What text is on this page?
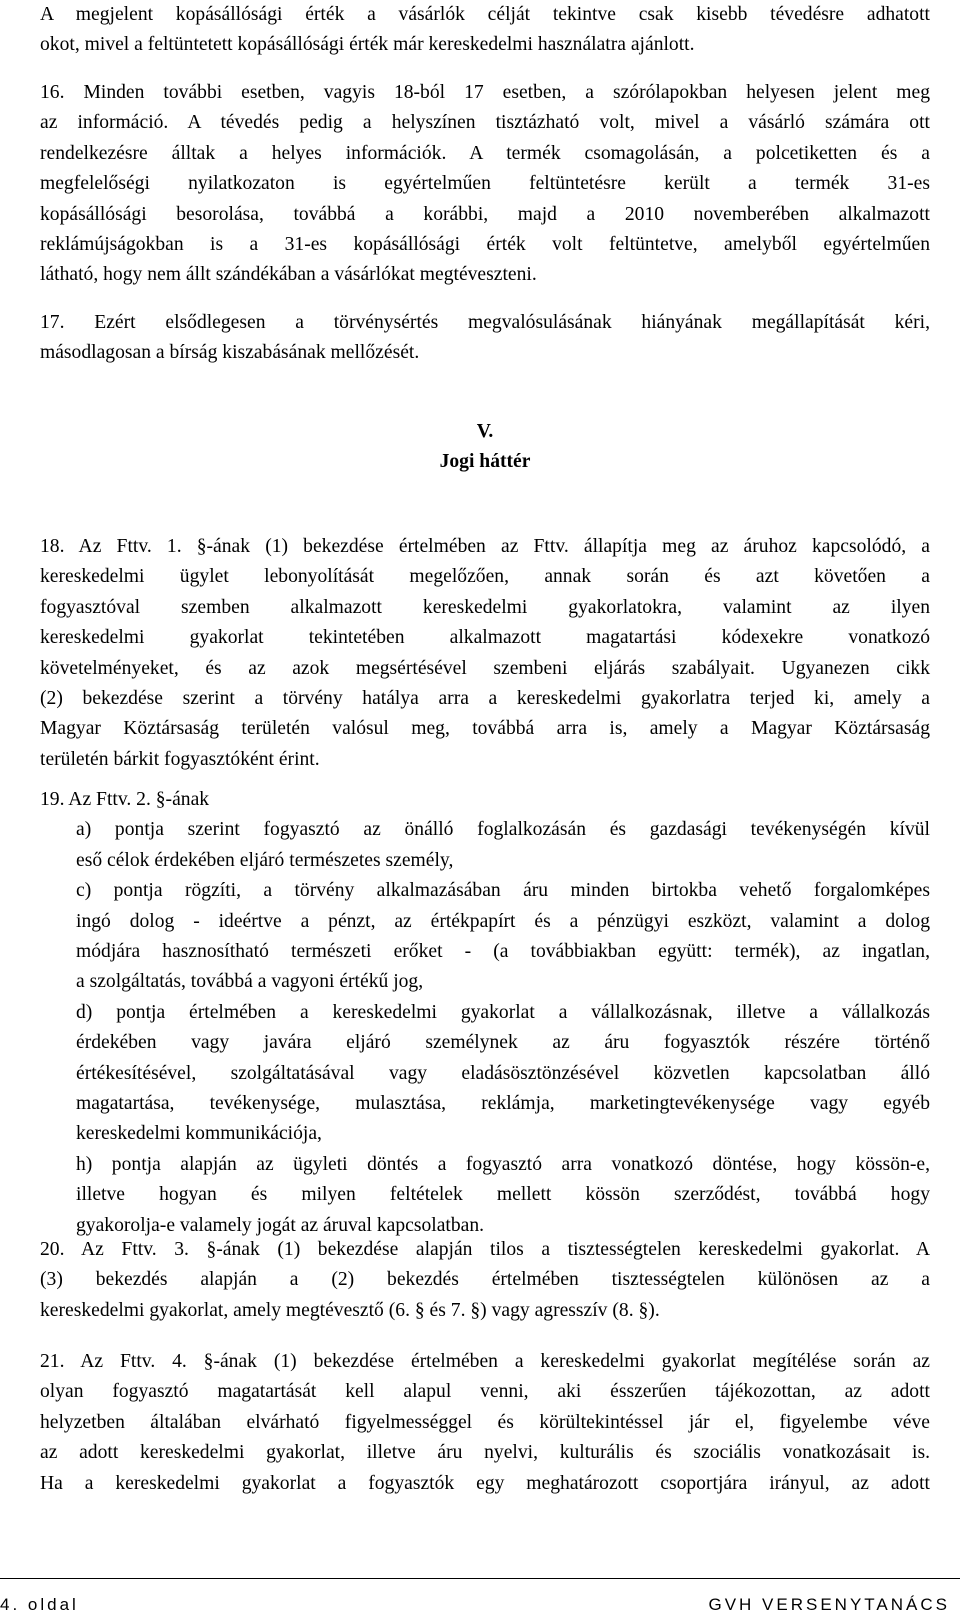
A megjelent kopásállósági érték a vásárlók célját tekintve csak kisebb tévedésre adhatott

okot, mivel a feltüntetett kopásállósági érték már kereskedelmi használatra ajánlott.

16. Minden további esetben, vagyis 18-ból 17 esetben, a szórólapokban helyesen jelent meg

az információ. A tévedés pedig a helyszínen tisztázható volt, mivel a vásárló számára ott

rendelkezésre álltak a helyes információk. A termék csomagolásán, a polcetiketten és a

megfelelőségi nyilatkozaton is egyértelműen feltüntetésre került a termék 31-es

kopásállósági besorolása, továbbá a korábbi, majd a 2010 novemberében alkalmazott

reklámújságokban is a 31-es kopásállósági érték volt feltüntetve, amelyből egyértelműen

látható, hogy nem állt szándékában a vásárlókat megtéveszteni.

17. Ezért elsődlegesen a törvénysértés megvalósulásának hiányának megállapítását kéri,

másodlagosan a bírság kiszabásának mellőzését.

V.

Jogi háttér

18. Az Fttv. 1. §-ának (1) bekezdése értelmében az Fttv. állapítja meg az áruhoz kapcsolódó, a

kereskedelmi ügylet lebonyolítását megelőzően, annak során és azt követően a

fogyasztóval szemben alkalmazott kereskedelmi gyakorlatokra, valamint az ilyen

kereskedelmi gyakorlat tekintetében alkalmazott magatartási kódexekre vonatkozó

követelményeket, és az azok megsértésével szembeni eljárás szabályait. Ugyanezen cikk

(2) bekezdése szerint a törvény hatálya arra a kereskedelmi gyakorlatra terjed ki, amely a

Magyar Köztársaság területén valósul meg, továbbá arra is, amely a Magyar Köztársaság

területén bárkit fogyasztóként érint.

19. Az Fttv. 2. §-ának

a) pontja szerint fogyasztó az önálló foglalkozásán és gazdasági tevékenységén kívül

eső célok érdekében eljáró természetes személy,

c) pontja rögzíti, a törvény alkalmazásában áru minden birtokba vehető forgalomképes

ingó dolog - ideértve a pénzt, az értékpapírt és a pénzügyi eszközt, valamint a dolog

módjára hasznosítható természeti erőket - (a továbbiakban együtt: termék), az ingatlan,

a szolgáltatás, továbbá a vagyoni értékű jog,

d) pontja értelmében a kereskedelmi gyakorlat a vállalkozásnak, illetve a vállalkozás

érdekében vagy javára eljáró személynek az áru fogyasztók részére történő

értékesítésével, szolgáltatásával vagy eladásösztönzésével közvetlen kapcsolatban álló

magatartása, tevékenysége, mulasztása, reklámja, marketingtevékenysége vagy egyéb

kereskedelmi kommunikációja,

h) pontja alapján az ügyleti döntés a fogyasztó arra vonatkozó döntése, hogy kössön-e,

illetve hogyan és milyen feltételek mellett kössön szerződést, továbbá hogy

gyakorolja-e valamely jogát az áruval kapcsolatban.

20. Az Fttv. 3. §-ának (1) bekezdése alapján tilos a tisztességtelen kereskedelmi gyakorlat. A

(3) bekezdés alapján a (2) bekezdés értelmében tisztességtelen különösen az a

kereskedelmi gyakorlat, amely megtévesztő (6. § és 7. §) vagy agresszív (8. §).

21. Az Fttv. 4. §-ának (1) bekezdése értelmében a kereskedelmi gyakorlat megítélése során az

olyan fogyasztó magatartását kell alapul venni, aki ésszerűen tájékozottan, az adott

helyzetben általában elvárható figyelmességgel és körültekintéssel jár el, figyelembe véve

az adott kereskedelmi gyakorlat, illetve áru nyelvi, kulturális és szociális vonatkozásait is.

Ha a kereskedelmi gyakorlat a fogyasztók egy meghatározott csoportjára irányul, az adott

4. oldal	GVH VERSENYTANÁCS
